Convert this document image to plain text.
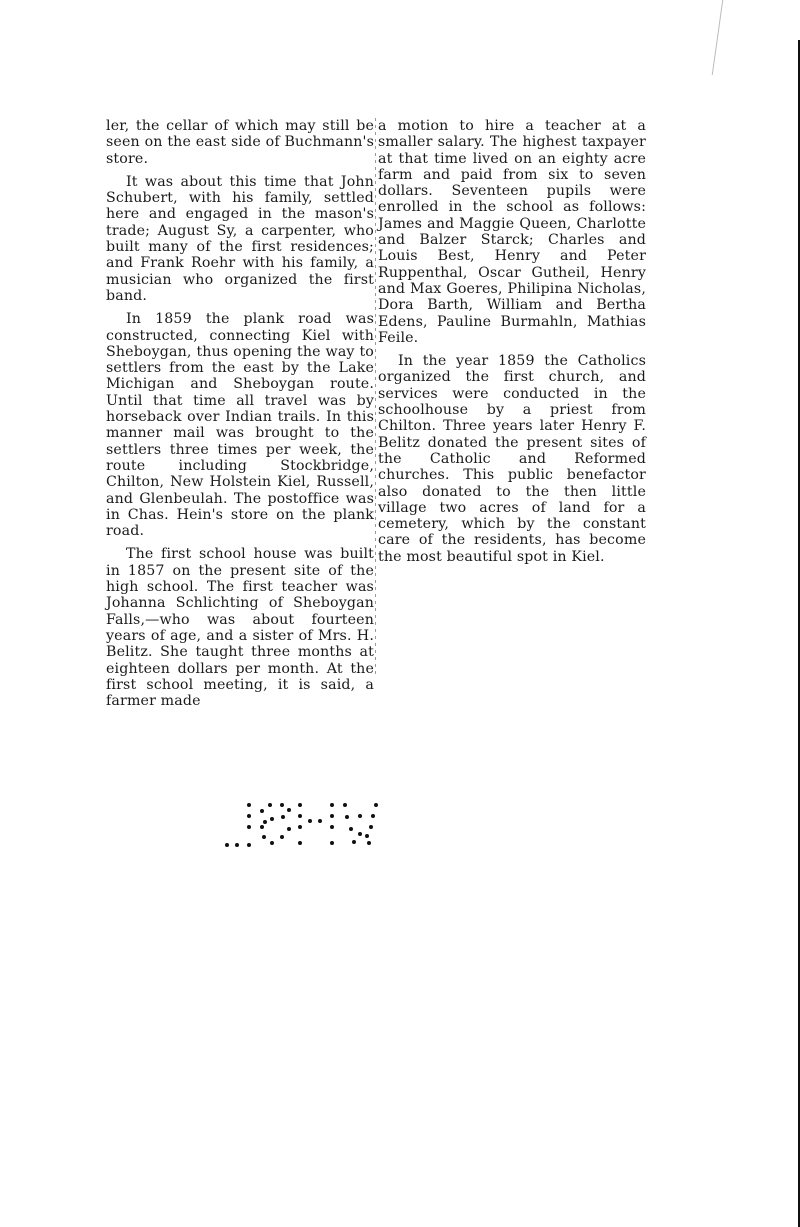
ler, the cellar of which may still be seen on the east side of Buchmann's store.

It was about this time that John Schubert, with his family, settled here and engaged in the mason's trade; August Sy, a carpenter, who built many of the first residences; and Frank Roehr with his family, a musician who organized the first band.

In 1859 the plank road was constructed, connecting Kiel with Sheboygan, thus opening the way to settlers from the east by the Lake Michigan and Sheboygan route. Until that time all travel was by horseback over Indian trails. In this manner mail was brought to the settlers three times per week, the route including Stockbridge, Chilton, New Holstein Kiel, Russell, and Glenbeulah. The postoffice was in Chas. Hein's store on the plank road.

The first school house was built in 1857 on the present site of the high school. The first teacher was Johanna Schlichting of Sheboygan Falls,—who was about fourteen years of age, and a sister of Mrs. H. Belitz. She taught three months at eighteen dollars per month. At the first school meeting, it is said, a farmer made

a motion to hire a teacher at a smaller salary. The highest taxpayer at that time lived on an eighty acre farm and paid from six to seven dollars. Seventeen pupils were enrolled in the school as follows: James and Maggie Queen, Charlotte and Balzer Starck; Charles and Louis Best, Henry and Peter Ruppenthal, Oscar Gutheil, Henry and Max Goeres, Philipina Nicholas, Dora Barth, William and Bertha Edens, Pauline Burmahln, Mathias Feile.

In the year 1859 the Catholics organized the first church, and services were conducted in the schoolhouse by a priest from Chilton. Three years later Henry F. Belitz donated the present sites of the Catholic and Reformed churches. This public benefactor also donated to the then little village two acres of land for a cemetery, which by the constant care of the residents, has become the most beautiful spot in Kiel.
